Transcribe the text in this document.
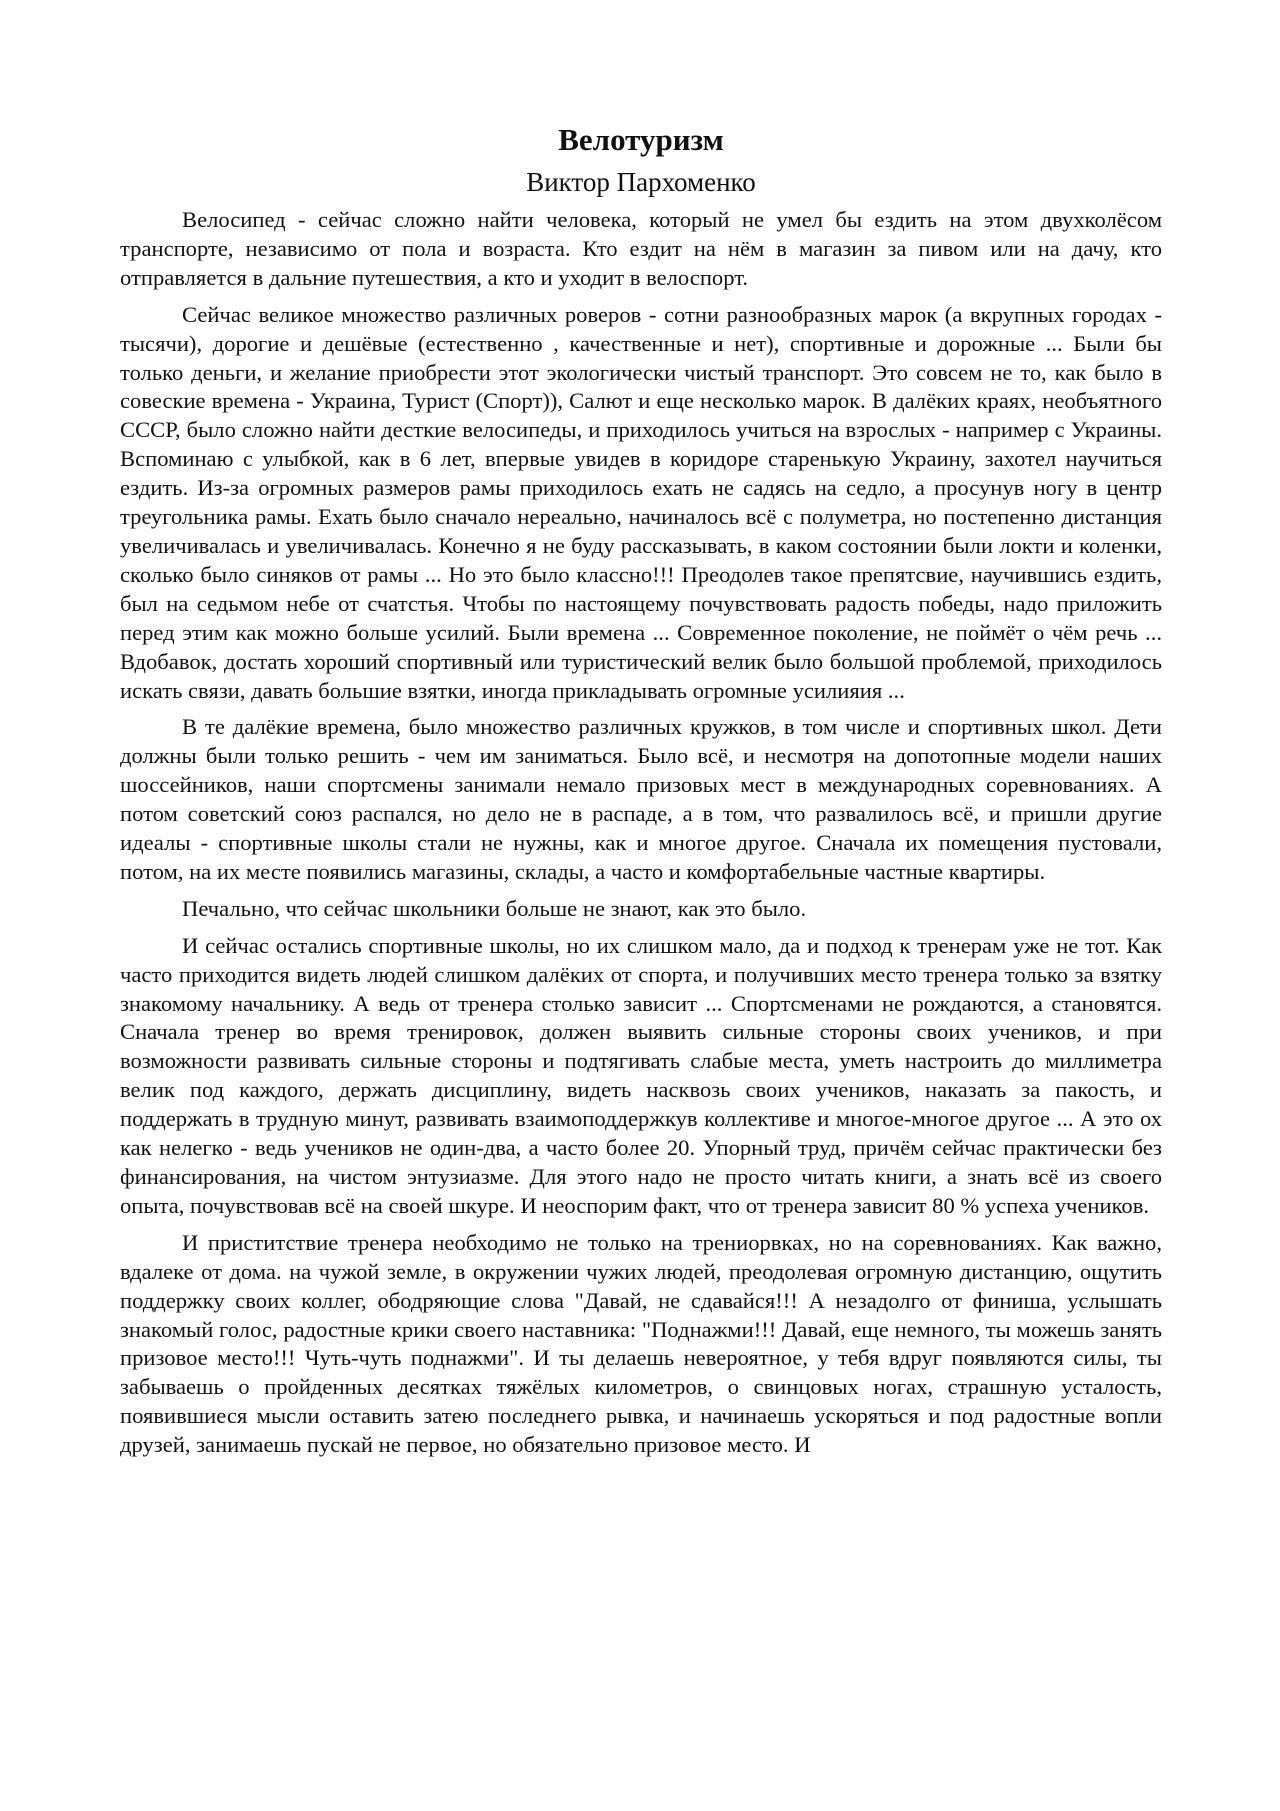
Велотуризм
Виктор Пархоменко

Велосипед - сейчас сложно найти человека, который не умел бы ездить на этом двухколёсом транспорте, независимо от пола и возраста. Кто ездит на нём в магазин за пивом или на дачу, кто отправляется в дальние путешествия, а кто и уходит в велоспорт.

Сейчас великое множество различных роверов - сотни разнообразных марок (а вкрупных городах - тысячи), дорогие и дешёвые (естественно , качественные и нет), спортивные и дорожные ... Были бы только деньги, и желание приобрести этот экологически чистый транспорт. Это совсем не то, как было в совеские времена - Украина, Турист (Спорт)), Салют и еще несколько марок. В далёких краях, необъятного СССР, было сложно найти десткие велосипеды, и приходилось учиться на взрослых - например с Украины. Вспоминаю с улыбкой, как в 6 лет, впервые увидев в коридоре старенькую Украину, захотел научиться ездить. Из-за огромных размеров рамы приходилось ехать не садясь на седло, а просунув ногу в центр треугольника рамы. Ехать было сначало нереально, начиналось всё с полуметра, но постепенно дистанция увеличивалась и увеличивалась. Конечно я не буду рассказывать, в каком состоянии были локти и коленки, сколько было синяков от рамы ... Но это было классно!!! Преодолев такое препятсвие, научившись ездить, был на седьмом небе от счатстья. Чтобы по настоящему почувствовать радость победы, надо приложить перед этим как можно больше усилий. Были времена ... Современное поколение, не поймёт о чём речь ... Вдобавок, достать хороший спортивный или туристический велик было большой проблемой, приходилось искать связи, давать большие взятки, иногда прикладывать огромные усилияия ...

В те далёкие времена, было множество различных кружков, в том числе и спортивных школ. Дети должны были только решить - чем им заниматься. Было всё, и несмотря на допотопные модели наших шоссейников, наши спортсмены занимали немало призовых мест в международных соревнованиях. А потом советский союз распался, но дело не в распаде, а в том, что развалилось всё, и пришли другие идеалы - спортивные школы стали не нужны, как и многое другое. Сначала их помещения пустовали, потом, на их месте появились магазины, склады, а часто и комфортабельные частные квартиры.

Печально, что сейчас школьники больше не знают, как это было.

И сейчас остались спортивные школы, но их слишком мало, да и подход к тренерам уже не тот. Как часто приходится видеть людей слишком далёких от спорта, и получивших место тренера только за взятку знакомому начальнику. А ведь от тренера столько зависит ... Спортсменами не рождаются, а становятся. Сначала тренер во время тренировок, должен выявить сильные стороны своих учеников, и при возможности развивать сильные стороны и подтягивать слабые места, уметь настроить до миллиметра велик под каждого, держать дисциплину, видеть насквозь своих учеников, наказать за пакость, и поддержать в трудную минут, развивать взаимоподдержкув коллективе и многое-многое другое ... А это ох как нелегко - ведь учеников не один-два, а часто более 20. Упорный труд, причём сейчас практически без финансирования, на чистом энтузиазме. Для этого надо не просто читать книги, а знать всё из своего опыта, почувствовав всё на своей шкуре. И неоспорим факт, что от тренера зависит 80 % успеха учеников.

И приститствие тренера необходимо не только на трениорвках, но на соревнованиях. Как важно, вдалеке от дома. на чужой земле, в окружении чужих людей, преодолевая огромную дистанцию, ощутить поддержку своих коллег, ободряющие слова "Давай, не сдавайся!!! А незадолго от финиша, услышать знакомый голос, радостные крики своего наставника: "Поднажми!!! Давай, еще немного, ты можешь занять призовое место!!! Чуть-чуть поднажми". И ты делаешь невероятное, у тебя вдруг появляются силы, ты забываешь о пройденных десятках тяжёлых километров, о свинцовых ногах, страшную усталость, появившиеся мысли оставить затею последнего рывка, и начинаешь ускоряться и под радостные вопли друзей, занимаешь пускай не первое, но обязательно призовое место. И
